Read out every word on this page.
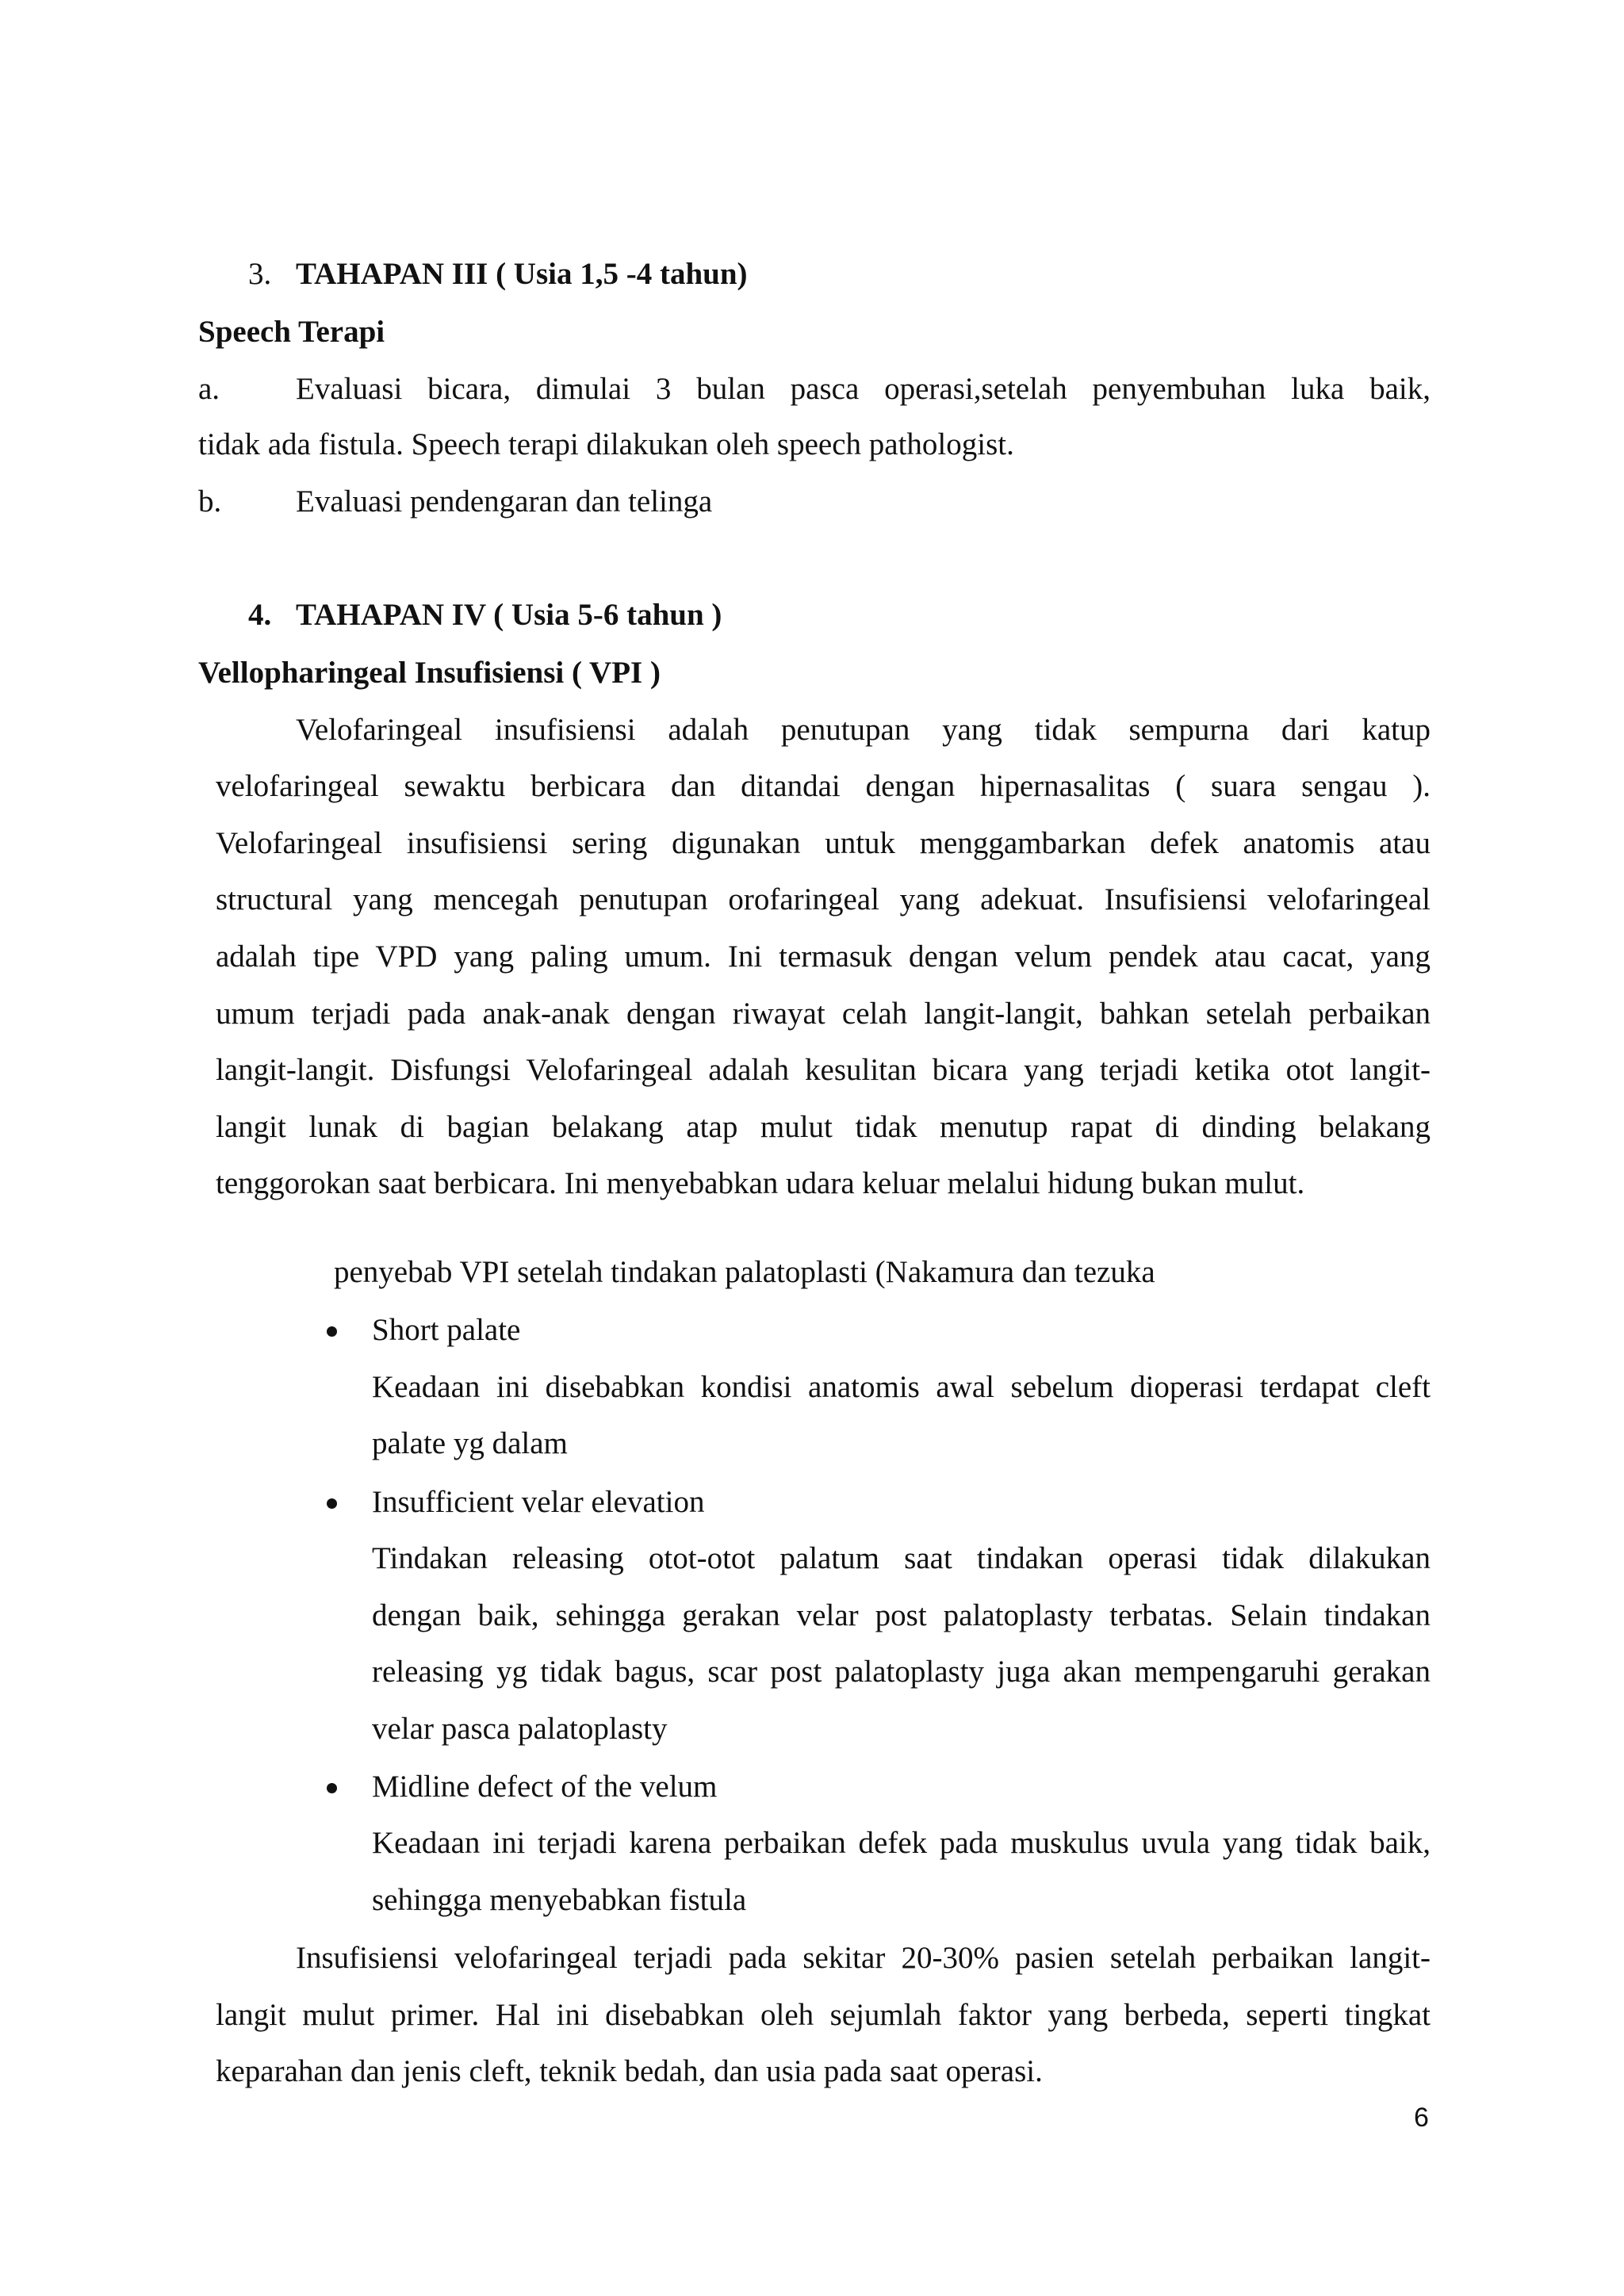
3. TAHAPAN III ( Usia 1,5 -4 tahun)
Speech Terapi
a. Evaluasi bicara, dimulai 3 bulan pasca operasi,setelah penyembuhan luka baik,
tidak ada fistula. Speech terapi dilakukan oleh speech pathologist.
b. Evaluasi pendengaran dan telinga
4. TAHAPAN IV ( Usia 5-6 tahun )
Vellopharingeal Insufisiensi ( VPI )
Velofaringeal insufisiensi adalah penutupan yang tidak sempurna dari katup
velofaringeal sewaktu berbicara dan ditandai dengan hipernasalitas ( suara sengau ).
Velofaringeal insufisiensi sering digunakan untuk menggambarkan defek anatomis atau
structural yang mencegah penutupan orofaringeal yang adekuat. Insufisiensi velofaringeal
adalah tipe VPD yang paling umum. Ini termasuk dengan velum pendek atau cacat, yang
umum terjadi pada anak-anak dengan riwayat celah langit-langit, bahkan setelah perbaikan
langit-langit. Disfungsi Velofaringeal adalah kesulitan bicara yang terjadi ketika otot langit-
langit lunak di bagian belakang atap mulut tidak menutup rapat di dinding belakang
tenggorokan saat berbicara. Ini menyebabkan udara keluar melalui hidung bukan mulut.
penyebab VPI setelah tindakan palatoplasti (Nakamura dan tezuka
Short palate
Keadaan ini disebabkan kondisi anatomis awal sebelum dioperasi terdapat cleft
palate yg dalam
Insufficient velar elevation
Tindakan releasing otot-otot palatum saat tindakan operasi tidak dilakukan
dengan baik, sehingga gerakan velar post palatoplasty terbatas. Selain tindakan
releasing yg tidak bagus, scar post palatoplasty juga akan mempengaruhi gerakan
velar pasca palatoplasty
Midline defect of the velum
Keadaan ini terjadi karena perbaikan defek pada muskulus uvula yang tidak baik,
sehingga menyebabkan fistula
Insufisiensi velofaringeal terjadi pada sekitar 20-30% pasien setelah perbaikan langit-
langit mulut primer. Hal ini disebabkan oleh sejumlah faktor yang berbeda, seperti tingkat
keparahan dan jenis cleft, teknik bedah, dan usia pada saat operasi.
6
